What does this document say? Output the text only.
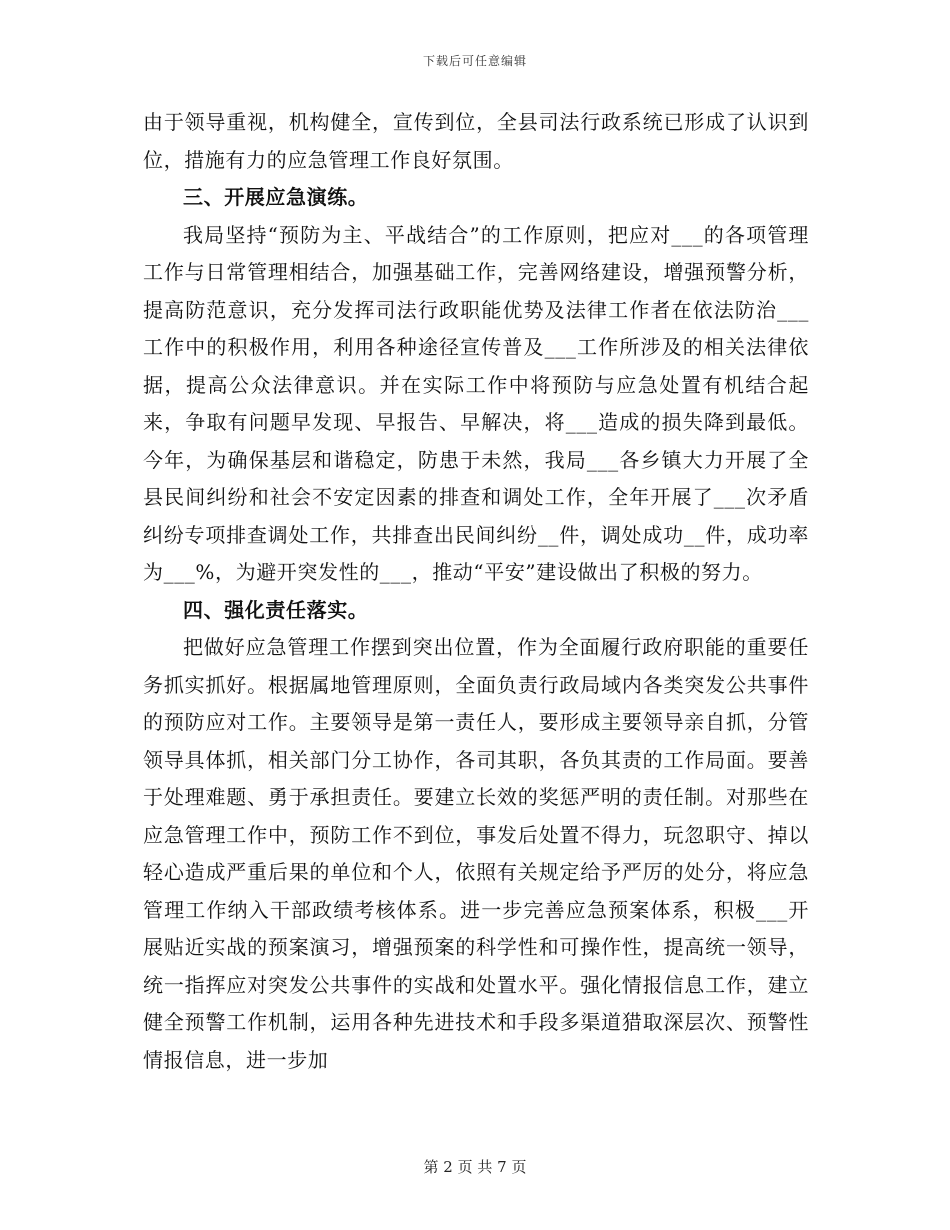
下载后可任意编辑

由于领导重视，机构健全，宣传到位，全县司法行政系统已形成了认识到位，措施有力的应急管理工作良好氛围。

三、开展应急演练。

我局坚持“预防为主、平战结合”的工作原则，把应对___的各项管理工作与日常管理相结合，加强基础工作，完善网络建设，增强预警分析，提高防范意识，充分发挥司法行政职能优势及法律工作者在依法防治___工作中的积极作用，利用各种途径宣传普及___工作所涉及的相关法律依据，提高公众法律意识。并在实际工作中将预防与应急处置有机结合起来，争取有问题早发现、早报告、早解决，将___造成的损失降到最低。今年，为确保基层和谐稳定，防患于未然，我局___各乡镇大力开展了全县民间纠纷和社会不安定因素的排查和调处工作，全年开展了___次矛盾纠纷专项排查调处工作，共排查出民间纠纷__件，调处成功__件，成功率为___%，为避开突发性的___，推动“平安”建设做出了积极的努力。

四、强化责任落实。

把做好应急管理工作摆到突出位置，作为全面履行政府职能的重要任务抓实抓好。根据属地管理原则，全面负责行政局域内各类突发公共事件的预防应对工作。主要领导是第一责任人，要形成主要领导亲自抓，分管领导具体抓，相关部门分工协作，各司其职，各负其责的工作局面。要善于处理难题、勇于承担责任。要建立长效的奖惩严明的责任制。对那些在应急管理工作中，预防工作不到位，事发后处置不得力，玩忽职守、掉以轻心造成严重后果的单位和个人，依照有关规定给予严厉的处分，将应急管理工作纳入干部政绩考核体系。进一步完善应急预案体系，积极___开展贴近实战的预案演习，增强预案的科学性和可操作性，提高统一领导，统一指挥应对突发公共事件的实战和处置水平。强化情报信息工作，建立健全预警工作机制，运用各种先进技术和手段多渠道猎取深层次、预警性情报信息，进一步加

第 2 页 共 7 页
